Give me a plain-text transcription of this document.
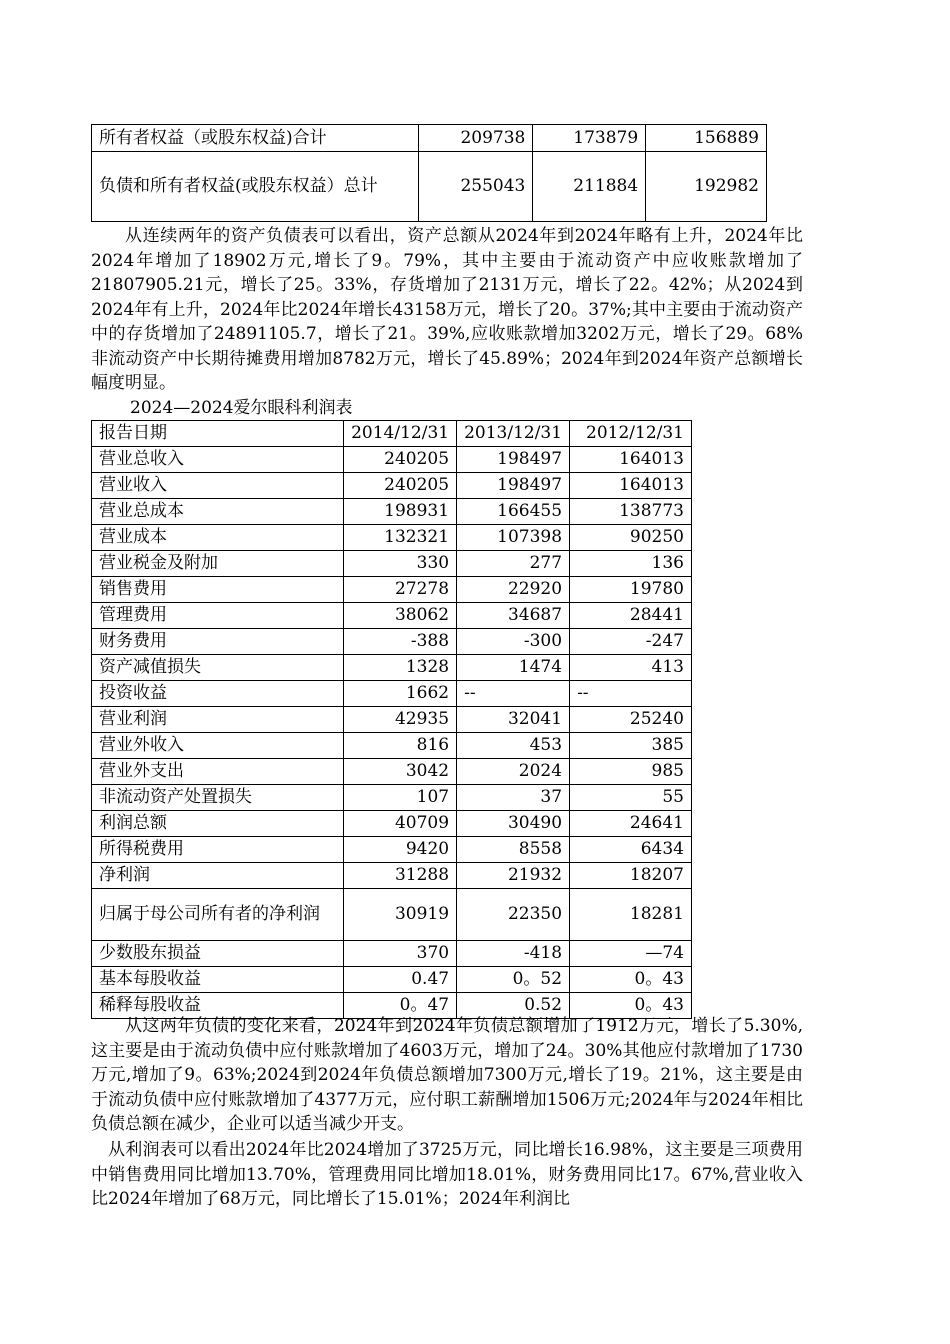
所有者权益（或股东权益)合计	209738	173879	156889
负债和所有者权益(或股东权益）总计	255043	211884	192982

从连续两年的资产负债表可以看出，资产总额从2024年到2024年略有上升，2024年比2024年增加了18902万元,增长了9。79%，其中主要由于流动资产中应收账款增加了21807905.21元，增长了25。33%，存货增加了2131万元，增长了22。42%；从2024到2024年有上升，2024年比2024年增长43158万元，增长了20。37%;其中主要由于流动资产中的存货增加了24891105.7，增长了21。39%,应收账款增加3202万元，增长了29。68%非流动资产中长期待摊费用增加8782万元，增长了45.89%；2024年到2024年资产总额增长幅度明显。

2024—2024爱尔眼科利润表
报告日期	2014/12/31	2013/12/31	2012/12/31
营业总收入	240205	198497	164013
营业收入	240205	198497	164013
营业总成本	198931	166455	138773
营业成本	132321	107398	90250
营业税金及附加	330	277	136
销售费用	27278	22920	19780
管理费用	38062	34687	28441
财务费用	-388	-300	-247
资产减值损失	1328	1474	413
投资收益	1662	--	--
营业利润	42935	32041	25240
营业外收入	816	453	385
营业外支出	3042	2024	985
非流动资产处置损失	107	37	55
利润总额	40709	30490	24641
所得税费用	9420	8558	6434
净利润	31288	21932	18207
归属于母公司所有者的净利润	30919	22350	18281
少数股东损益	370	-418	—74
基本每股收益	0.47	0。52	0。43
稀释每股收益	0。47	0.52	0。43

从这两年负债的变化来看，2024年到2024年负债总额增加了1912万元，增长了5.30%,这主要是由于流动负债中应付账款增加了4603万元，增加了24。30%其他应付款增加了1730万元,增加了9。63%;2024到2024年负债总额增加7300万元,增长了19。21%，这主要是由于流动负债中应付账款增加了4377万元，应付职工薪酬增加1506万元;2024年与2024年相比负债总额在减少，企业可以适当减少开支。

从利润表可以看出2024年比2024增加了3725万元，同比增长16.98%，这主要是三项费用中销售费用同比增加13.70%，管理费用同比增加18.01%，财务费用同比17。67%,营业收入比2024年增加了68万元，同比增长了15.01%；2024年利润比
